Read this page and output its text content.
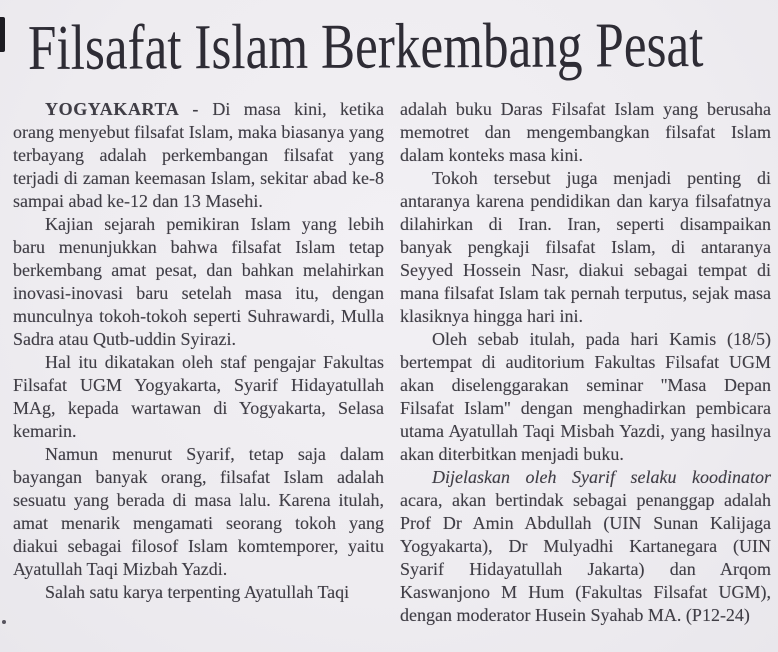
Filsafat Islam Berkembang Pesat

YOGYAKARTA - Di masa kini, ketika orang menyebut filsafat Islam, maka biasanya yang terbayang adalah perkembangan filsafat yang terjadi di zaman keemasan Islam, sekitar abad ke-8 sampai abad ke-12 dan 13 Masehi.

Kajian sejarah pemikiran Islam yang lebih baru menunjukkan bahwa filsafat Islam tetap berkembang amat pesat, dan bahkan melahirkan inovasi-inovasi baru setelah masa itu, dengan munculnya tokoh-tokoh seperti Suhrawardi, Mulla Sadra atau Qutb-uddin Syirazi.

Hal itu dikatakan oleh staf pengajar Fakultas Filsafat UGM Yogyakarta, Syarif Hidayatullah MAg, kepada wartawan di Yogyakarta, Selasa kemarin.

Namun menurut Syarif, tetap saja dalam bayangan banyak orang, filsafat Islam adalah sesuatu yang berada di masa lalu. Karena itulah, amat menarik mengamati seorang tokoh yang diakui sebagai filosof Islam komtemporer, yaitu Ayatullah Taqi Mizbah Yazdi.

Salah satu karya terpenting Ayatullah Taqi

adalah buku Daras Filsafat Islam yang berusaha memotret dan mengembangkan filsafat Islam dalam konteks masa kini.

Tokoh tersebut juga menjadi penting di antaranya karena pendidikan dan karya filsafatnya dilahirkan di Iran. Iran, seperti disampaikan banyak pengkaji filsafat Islam, di antaranya Seyyed Hossein Nasr, diakui sebagai tempat di mana filsafat Islam tak pernah terputus, sejak masa klasiknya hingga hari ini.

Oleh sebab itulah, pada hari Kamis (18/5) bertempat di auditorium Fakultas Filsafat UGM akan diselenggarakan seminar ''Masa Depan Filsafat Islam'' dengan menghadirkan pembicara utama Ayatullah Taqi Misbah Yazdi, yang hasilnya akan diterbitkan menjadi buku.

Dijelaskan oleh Syarif selaku koodinator acara, akan bertindak sebagai penanggap adalah Prof Dr Amin Abdullah (UIN Sunan Kalijaga Yogyakarta), Dr Mulyadhi Kartanegara (UIN Syarif Hidayatullah Jakarta) dan Arqom Kaswanjono M Hum (Fakultas Filsafat UGM), dengan moderator Husein Syahab MA. (P12-24)
